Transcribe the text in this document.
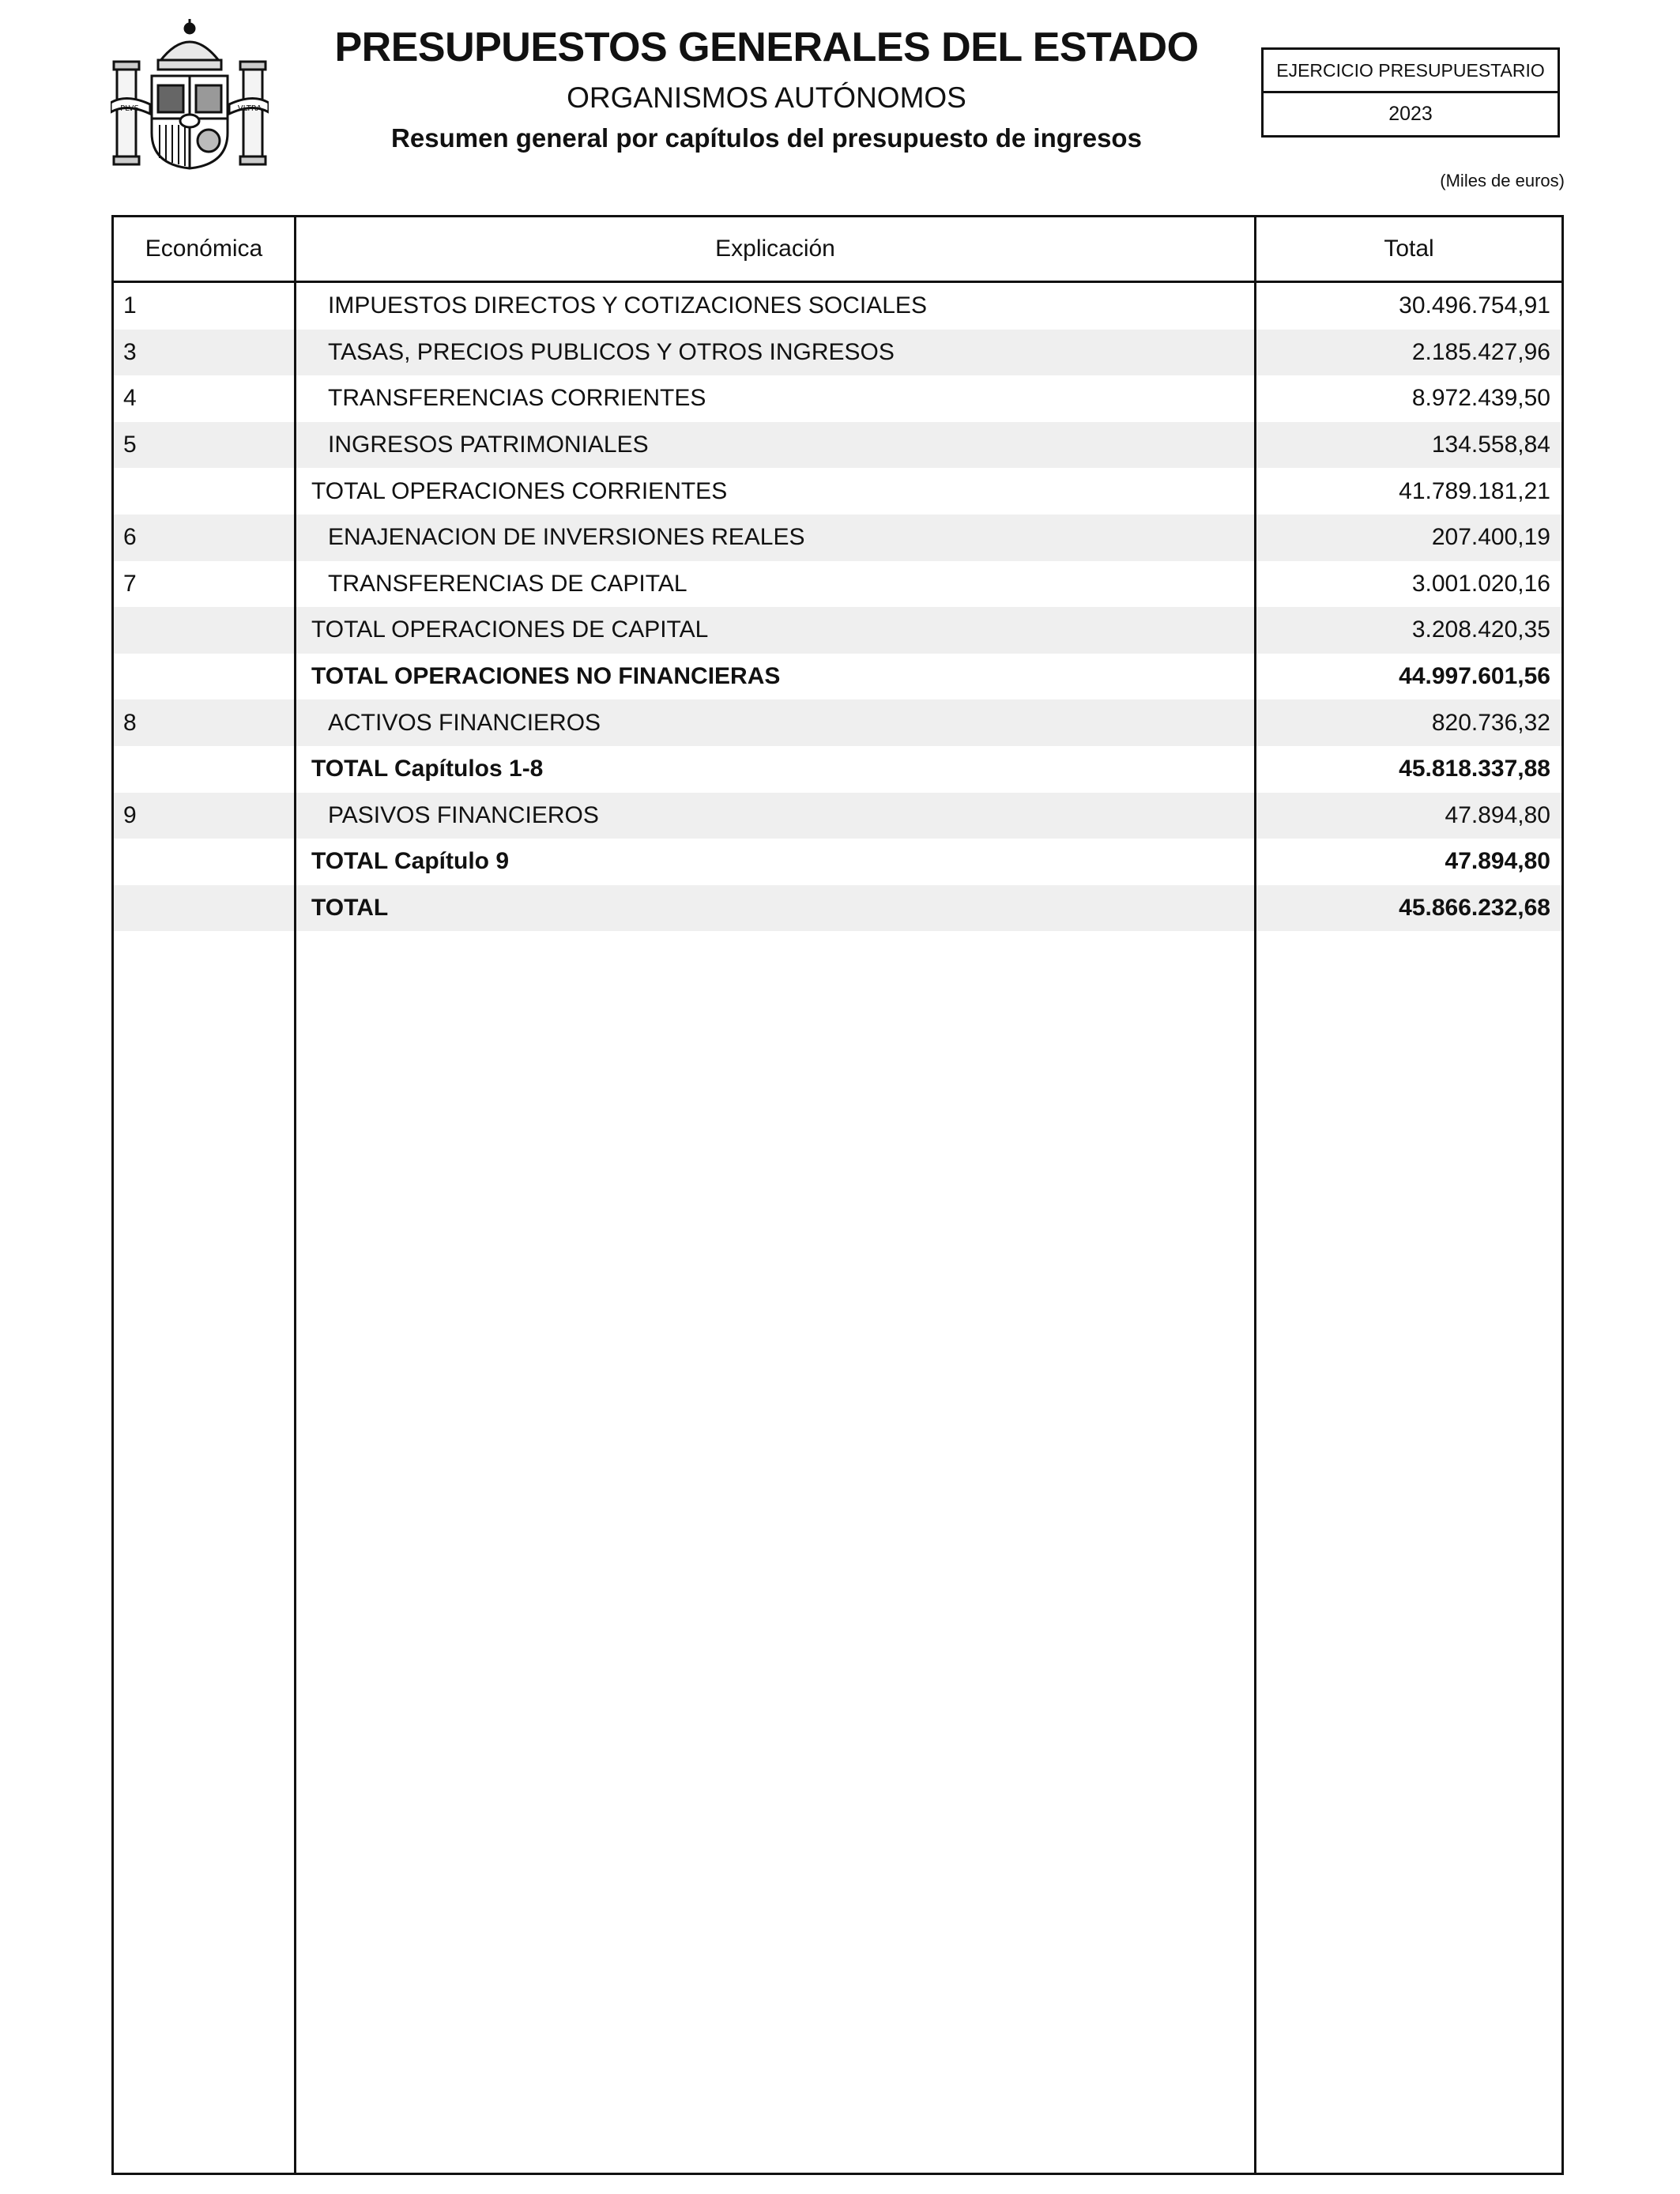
PLVS	VLTRA
PRESUPUESTOS GENERALES DEL ESTADO
ORGANISMOS AUTÓNOMOS
Resumen general por capítulos del presupuesto de ingresos
EJERCICIO PRESUPUESTARIO
2023
(Miles de euros)
Económica	Explicación	Total
1	IMPUESTOS DIRECTOS Y COTIZACIONES SOCIALES	30.496.754,91
3	TASAS, PRECIOS PUBLICOS Y OTROS INGRESOS	2.185.427,96
4	TRANSFERENCIAS CORRIENTES	8.972.439,50
5	INGRESOS PATRIMONIALES	134.558,84
TOTAL OPERACIONES CORRIENTES	41.789.181,21
6	ENAJENACION DE INVERSIONES REALES	207.400,19
7	TRANSFERENCIAS DE CAPITAL	3.001.020,16
TOTAL OPERACIONES DE CAPITAL	3.208.420,35
TOTAL OPERACIONES NO FINANCIERAS	44.997.601,56
8	ACTIVOS FINANCIEROS	820.736,32
TOTAL Capítulos 1-8	45.818.337,88
9	PASIVOS FINANCIEROS	47.894,80
TOTAL Capítulo 9	47.894,80
TOTAL	45.866.232,68
